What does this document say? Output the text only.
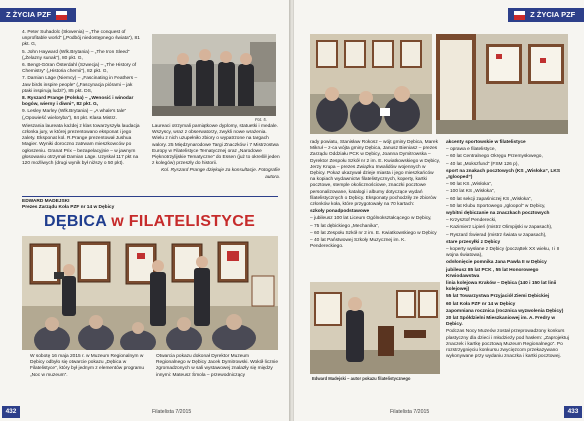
Z ŻYCIA PZF

4. Peter Suhadolc (Słowenia) – „The conquest of unprofitable world” („Podbój niedostępnego świata”), 81 pkt. G,

5. John Hayward (Wlk.Brytania) – „The Iron Sleed” („Żelazny sunak”), 80 pkt. G,

6. Bengt-Göran Österdahl (Szwecja) – „The History of Chemistry” („Historia chemii”), 82 pkt. G,

7. Damian Läge (Niemcy) – „Fascinating in Feathers – Jaw birds inspire people” („Fascynacja piórami – jak ptaki inspirują ludzi”), 85 pkt. DS,

8. Ryszard Prange (Polska) – „Wenosić i winodar bogów, wierny i diwni”, 82 pkt. G,

9. Lesley Marley (Wlk.Brytania) – „A whale's tale” („Opowieść wieloryba”), 84 pkt. Klasa Mistrz.

Wieszania laureata każdej z klas towarzyszyła laudacja członka jury, w której prezentowano eksponat i jego zalety. Eksponat kol. R.Prange prezentował Jushua Magier. Wyniki doroczno zatrwam mieszkowców po ogłoszeniu. Granat Prix – bezapelacyjnie – w jawnym głosowaniu otrzymał Damian Läge. Uzyskał 117 pkt na 120 możliwych (drugi wynik był niższy o 50 pkt).

Fot. 5.

Laureaci otrzymali pamiątkowe dyplomy, statuetki i medale. Wszyscy, wraz z obserwatorzy, zwykli nowe wrażenia. Wielu z nich uzupełniło zbiory o wypatrzone na targach walory. 25 Międzynarodowe Targi Znaczków i 7 Mistrzostwa Europy w Filatelistyce Tematycznej oraz „Narodowe Pięknotrzylijskie Tematyczne” do Essen (już to określił jeden z kolegów) przeszły do historii.

Kol. Ryszard Prange dziękuje za konsultacje. Fotografie autora.

EDWARD MADEJSKI
Prezes Zarządu Koła PZF nr 14 w Dębicy
DĘBICA w FILATELISTYCE
W sobotę 16 maja 2015 r. w Muzeum Regionalnym w Dębicy odbyło się otwarcie pokazu „Dębica w Filatelistyce”, który był jednym z elementów programu „Noc w muzeum”.
Otwarcia pokazu dokonał Dyrektor Muzeum Regionalnego w Dębicy Jacek Dymitrowski. Wokół licznie zgromadzonych w sali wystawowej znalazły się między innymi: Mateusz Śmola – przewodniczący
432	Filatelista 7/2015
Z ŻYCIA PZF

rady powiatu, Stanisław Rokosz – wójt gminy Dębica, Marek Mikruł – z-ca wójta gminy Dębica, Janusz Bieniasz – prezes Zarządu Oddziału PCK w Dębicy, Joanna Dymitrowska – Dyrektor Zespołu Szkół nr 2 im. E. Kwiatkowskiego w Dębicy, Jerzy Krupa – prezes Związku Inwalidów wojennych w Dębicy. Pokaz ukazywał dzieje miasta i jego mieszkańców na kopiach wydawnictw filatelistycznych, koperty, kartki pocztowe, stemple okolicznościowe, znaczki pocztowe personalizowane, katalogi i albumy dotyczące wydań filatelistycznych o Dębicy. Eksponaty pochodziły ze zbiorów członków koła, które przygotowały na 70 kartach:

szkoły ponadpodstawowe

– jubileusz 100 lat Liceum Ogólnokształcącego w Dębicy,

– 75 lat dębickiego „Mechanika”,

– 60 lat Zespołu Szkół nr 2 im. E. Kwiatkowskiego w Dębicy

– 40 lat Państwowej Szkoły Muzycznej im. K. Pendereckiego.

akcenty sportowskie w filatelistyce

– oprawa e filatelistyce,

– 60 lat Centralnego Okręgu Przemysłowego,

– 40 lat „Mokszfund” (FSM 126 p),

sport na znakach pocztowych (KS „Wisłoka”, LKS „Iglooped”)

– 90 lat KS „Wisłoka”,

– 100 lat KS „Wisłoka”,

– 60 lat sekcji zapaśniczej KS „Wisłoka”,

– 50 lat Klubu Sportowego „Igloopol” w Dębicy,

wybitni dębiczanie na znaczkach pocztowych

– Krzysztof Penderecki,

– Kazimierz Lipień (mistrz Olimpijski w zapasach),

– Ryszard Świerad (mistrz świata w zapasach),

stare przesyłki z Dębicy

– koperty wysłane z Dębicy (począttek XX wieku, I i II wojna światowa),

odsłonięcie pomnika Jana Pawła II w Dębicy

jubileusz 85 lat PCK , 55 lat Honorowego Krwiodawstwa

linia kolejowa Kraków – Dębica (140 i 150 lat linii kolejowej)

55 lat Towarzystwa Przyjaciół Ziemi Dębickiej

60 lat Koła PZF nr 14 w Dębicy

zapomniana rocznica (rocznica wyzwolenia Dębicy)

20 lat Spółdzielni Mieszkaniowej im. A. Fredry w Dębicy.

Podczas Nocy Muzeów został przeprowadzony konkurs plastyczny dla dzieci i młodzieży pod hasłem: „Zaprojektuj znaczek i kartkę pocztową Muzeum Regionalnego”. Po rozstrzygnięciu konkursu zwycięzcom przekazywano wykonywane przy wydaniu znaczka i kartki pocztowej.

Edward Madejski – autor pokazu filatelistycznego
Filatelista 7/2015	433
